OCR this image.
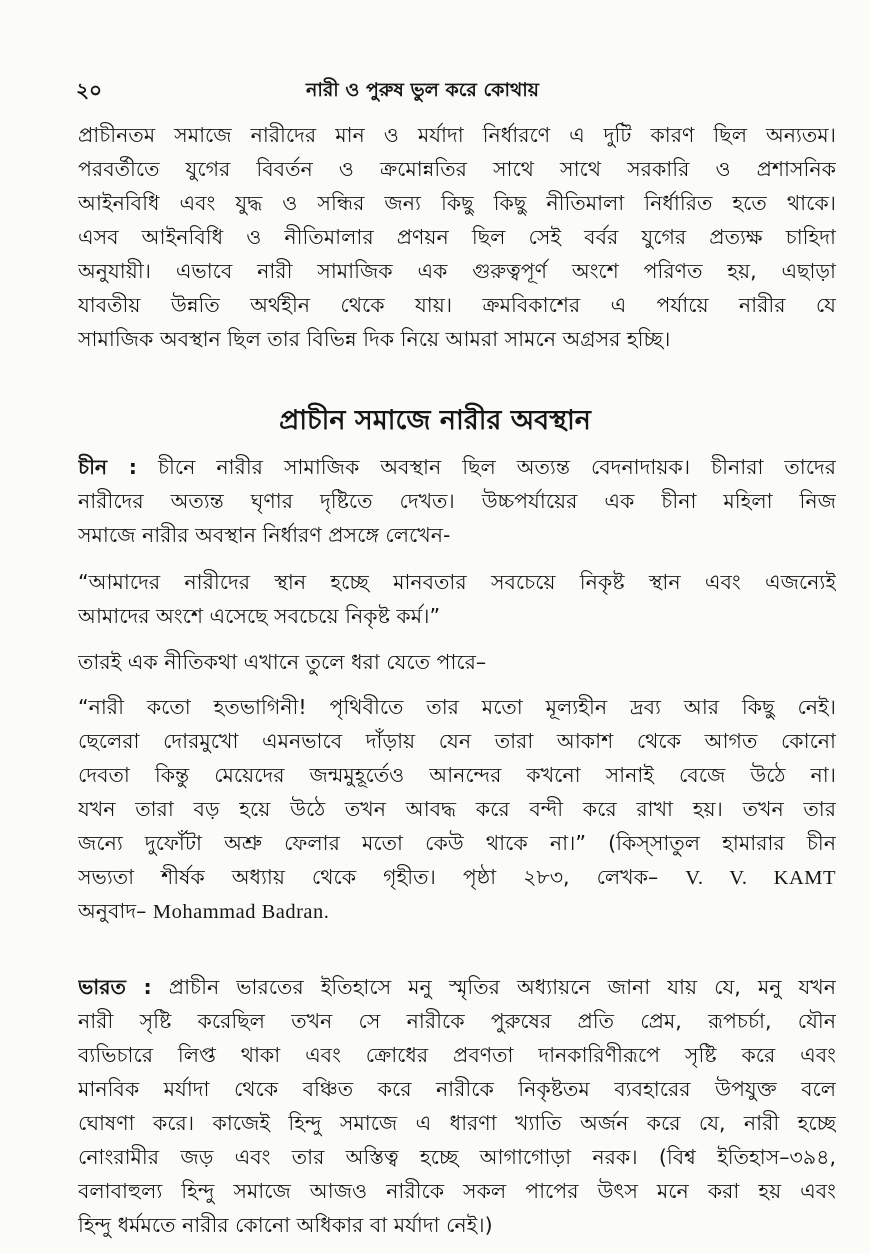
২০	নারী ও পুরুষ ভুল করে কোথায়
প্রাচীনতম সমাজে নারীদের মান ও মর্যাদা নির্ধারণে এ দুটি কারণ ছিল অন্যতম।
পরবর্তীতে যুগের বিবর্তন ও ক্রমোন্নতির সাথে সাথে সরকারি ও প্রশাসনিক
আইনবিধি এবং যুদ্ধ ও সন্ধির জন্য কিছু কিছু নীতিমালা নির্ধারিত হতে থাকে।
এসব আইনবিধি ও নীতিমালার প্রণয়ন ছিল সেই বর্বর যুগের প্রত্যক্ষ চাহিদা
অনুযায়ী। এভাবে নারী সামাজিক এক গুরুত্বপূর্ণ অংশে পরিণত হয়, এছাড়া
যাবতীয় উন্নতি অর্থহীন থেকে যায়। ক্রমবিকাশের এ পর্যায়ে নারীর যে
সামাজিক অবস্থান ছিল তার বিভিন্ন দিক নিয়ে আমরা সামনে অগ্রসর হচ্ছি।
প্রাচীন সমাজে নারীর অবস্থান
চীন : চীনে নারীর সামাজিক অবস্থান ছিল অত্যন্ত বেদনাদায়ক। চীনারা তাদের
নারীদের অত্যন্ত ঘৃণার দৃষ্টিতে দেখত। উচ্চপর্যায়ের এক চীনা মহিলা নিজ
সমাজে নারীর অবস্থান নির্ধারণ প্রসঙ্গে লেখেন-
“আমাদের নারীদের স্থান হচ্ছে মানবতার সবচেয়ে নিকৃষ্ট স্থান এবং এজন্যেই
আমাদের অংশে এসেছে সবচেয়ে নিকৃষ্ট কর্ম।”
তারই এক নীতিকথা এখানে তুলে ধরা যেতে পারে–
“নারী কতো হতভাগিনী! পৃথিবীতে তার মতো মূল্যহীন দ্রব্য আর কিছু নেই।
ছেলেরা দোরমুখো এমনভাবে দাঁড়ায় যেন তারা আকাশ থেকে আগত কোনো
দেবতা কিন্তু মেয়েদের জন্মমুহূর্তেও আনন্দের কখনো সানাই বেজে উঠে না।
যখন তারা বড় হয়ে উঠে তখন আবদ্ধ করে বন্দী করে রাখা হয়। তখন তার
জন্যে দুফোঁটা অশ্রু ফেলার মতো কেউ থাকে না।” (কিস্সাতুল হামারার চীন
সভ্যতা শীর্ষক অধ্যায় থেকে গৃহীত। পৃষ্ঠা ২৮৩, লেখক– V. V. KAMT
অনুবাদ– Mohammad Badran.
ভারত : প্রাচীন ভারতের ইতিহাসে মনু স্মৃতির অধ্যায়নে জানা যায় যে, মনু যখন
নারী সৃষ্টি করেছিল তখন সে নারীকে পুরুষের প্রতি প্রেম, রূপচর্চা, যৌন
ব্যভিচারে লিপ্ত থাকা এবং ক্রোধের প্রবণতা দানকারিণীরূপে সৃষ্টি করে এবং
মানবিক মর্যাদা থেকে বঞ্চিত করে নারীকে নিকৃষ্টতম ব্যবহারের উপযুক্ত বলে
ঘোষণা করে। কাজেই হিন্দু সমাজে এ ধারণা খ্যাতি অর্জন করে যে, নারী হচ্ছে
নোংরামীর জড় এবং তার অস্তিত্ব হচ্ছে আগাগোড়া নরক। (বিশ্ব ইতিহাস–৩৯৪,
বলাবাহুল্য হিন্দু সমাজে আজও নারীকে সকল পাপের উৎস মনে করা হয় এবং
হিন্দু ধর্মমতে নারীর কোনো অধিকার বা মর্যাদা নেই।)
